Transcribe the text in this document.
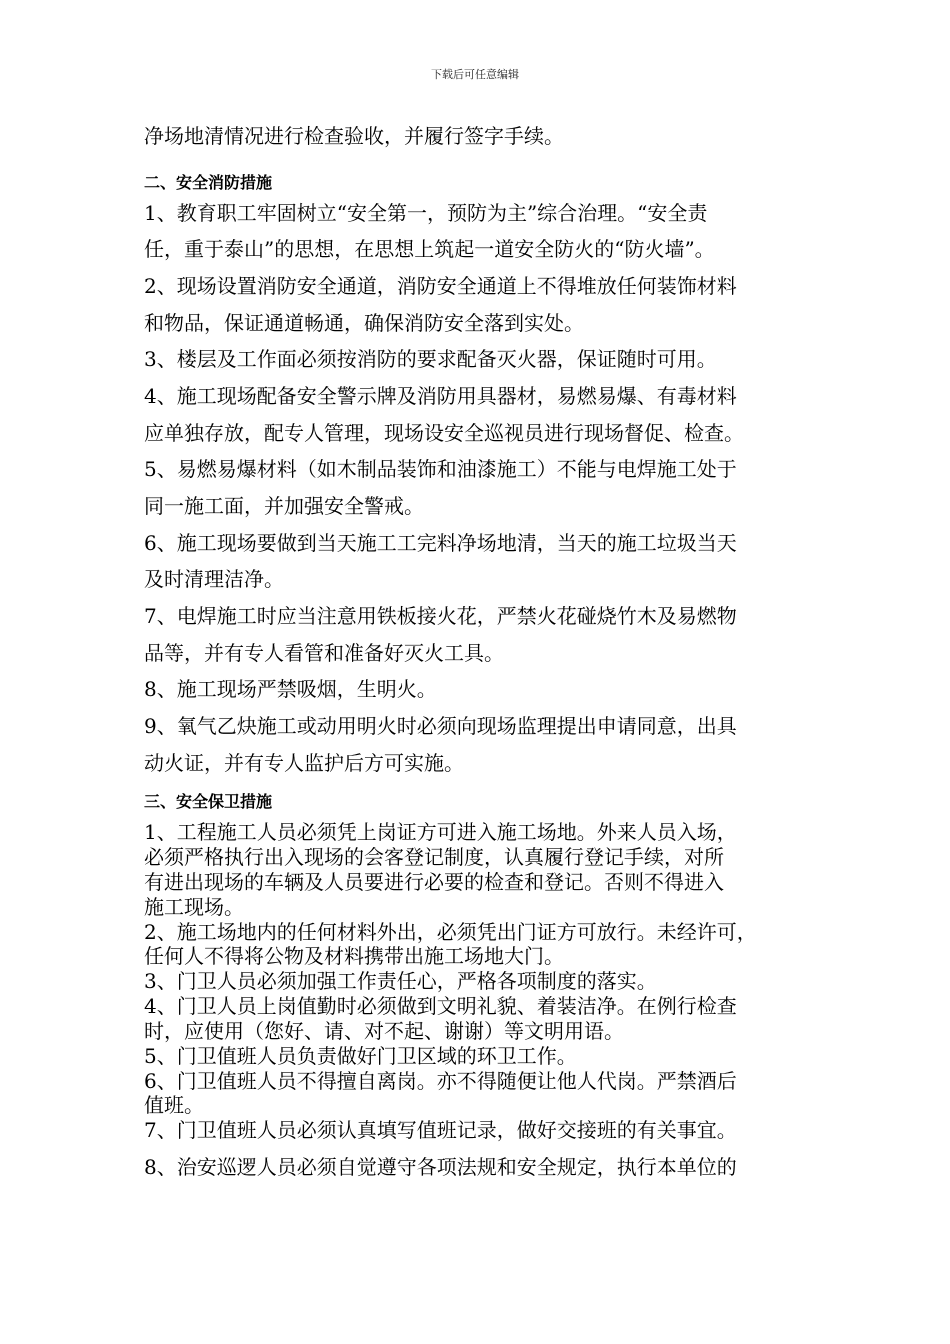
下载后可任意编辑
净场地清情况进行检查验收，并履行签字手续。
二、安全消防措施
1、教育职工牢固树立“安全第一，预防为主”综合治理。“安全责
任，重于泰山”的思想，在思想上筑起一道安全防火的“防火墙”。
2、现场设置消防安全通道，消防安全通道上不得堆放任何装饰材料
和物品，保证通道畅通，确保消防安全落到实处。
3、楼层及工作面必须按消防的要求配备灭火器，保证随时可用。
4、施工现场配备安全警示牌及消防用具器材，易燃易爆、有毒材料
应单独存放，配专人管理，现场设安全巡视员进行现场督促、检查。
5、易燃易爆材料（如木制品装饰和油漆施工）不能与电焊施工处于
同一施工面，并加强安全警戒。
6、施工现场要做到当天施工工完料净场地清，当天的施工垃圾当天
及时清理洁净。
7、电焊施工时应当注意用铁板接火花，严禁火花碰烧竹木及易燃物
品等，并有专人看管和准备好灭火工具。
8、施工现场严禁吸烟，生明火。
9、氧气乙炔施工或动用明火时必须向现场监理提出申请同意，出具
动火证，并有专人监护后方可实施。
三、安全保卫措施
1、工程施工人员必须凭上岗证方可进入施工场地。外来人员入场，
必须严格执行出入现场的会客登记制度，认真履行登记手续，对所
有进出现场的车辆及人员要进行必要的检查和登记。否则不得进入
施工现场。
2、施工场地内的任何材料外出，必须凭出门证方可放行。未经许可，
任何人不得将公物及材料携带出施工场地大门。
3、门卫人员必须加强工作责任心，严格各项制度的落实。
4、门卫人员上岗值勤时必须做到文明礼貌、着装洁净。在例行检查
时，应使用（您好、请、对不起、谢谢）等文明用语。
5、门卫值班人员负责做好门卫区域的环卫工作。
6、门卫值班人员不得擅自离岗。亦不得随便让他人代岗。严禁酒后
值班。
7、门卫值班人员必须认真填写值班记录，做好交接班的有关事宜。
8、治安巡逻人员必须自觉遵守各项法规和安全规定，执行本单位的
